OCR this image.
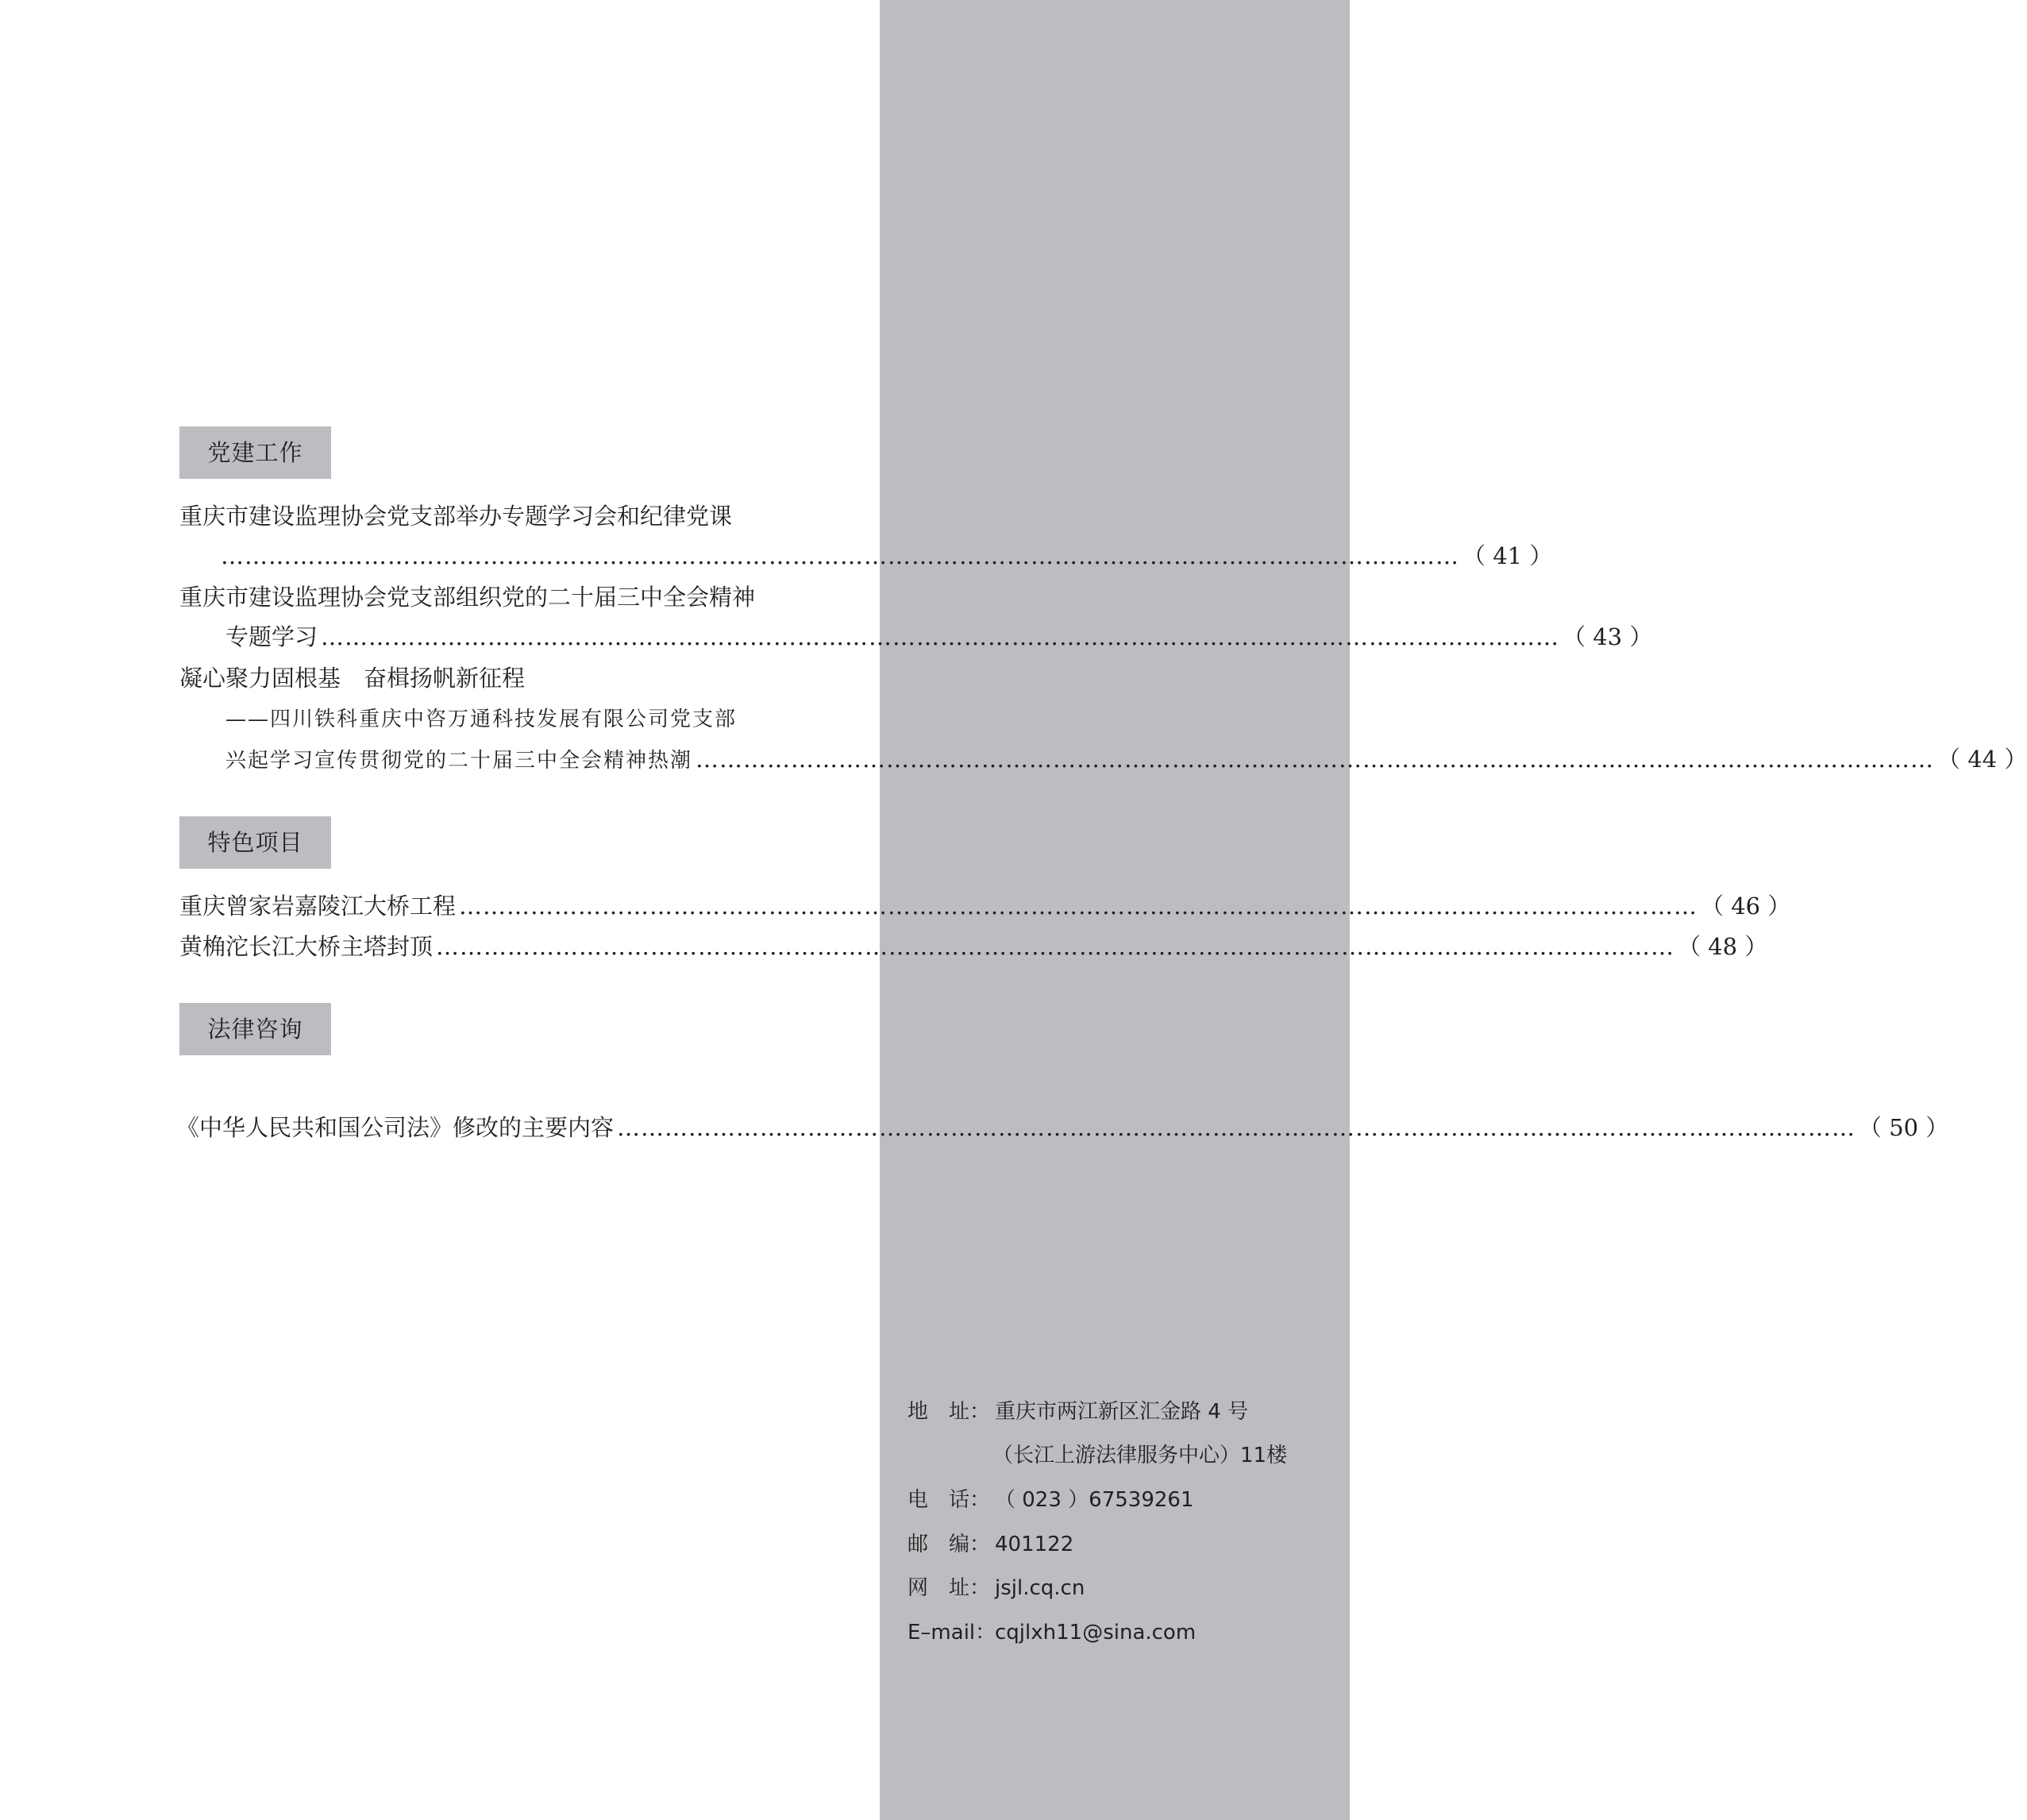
党建工作
重庆市建设监理协会党支部举办专题学习会和纪律党课
………………………………………………………………………………………………………………………………………… （ 41 ）
重庆市建设监理协会党支部组织党的二十届三中全会精神
专题学习 ………………………………………………………………………………………………………………………………………… （ 43 ）
凝心聚力固根基　奋楫扬帆新征程
——四川铁科重庆中咨万通科技发展有限公司党支部
兴起学习宣传贯彻党的二十届三中全会精神热潮 ………………………………………………………………………………………………………………………………………… （ 44 ）
特色项目
重庆曾家岩嘉陵江大桥工程 ………………………………………………………………………………………………………………………………………… （ 46 ）
黄桷沱长江大桥主塔封顶 ………………………………………………………………………………………………………………………………………… （ 48 ）
法律咨询
《中华人民共和国公司法》修改的主要内容 ………………………………………………………………………………………………………………………………………… （ 50 ）
地　址： 重庆市两江新区汇金路 4 号
（长江上游法律服务中心）11楼
电　话： （ 023 ）67539261
邮　编： 401122
网　址： jsjl.cq.cn
E–mail：cqjlxh11@sina.com
